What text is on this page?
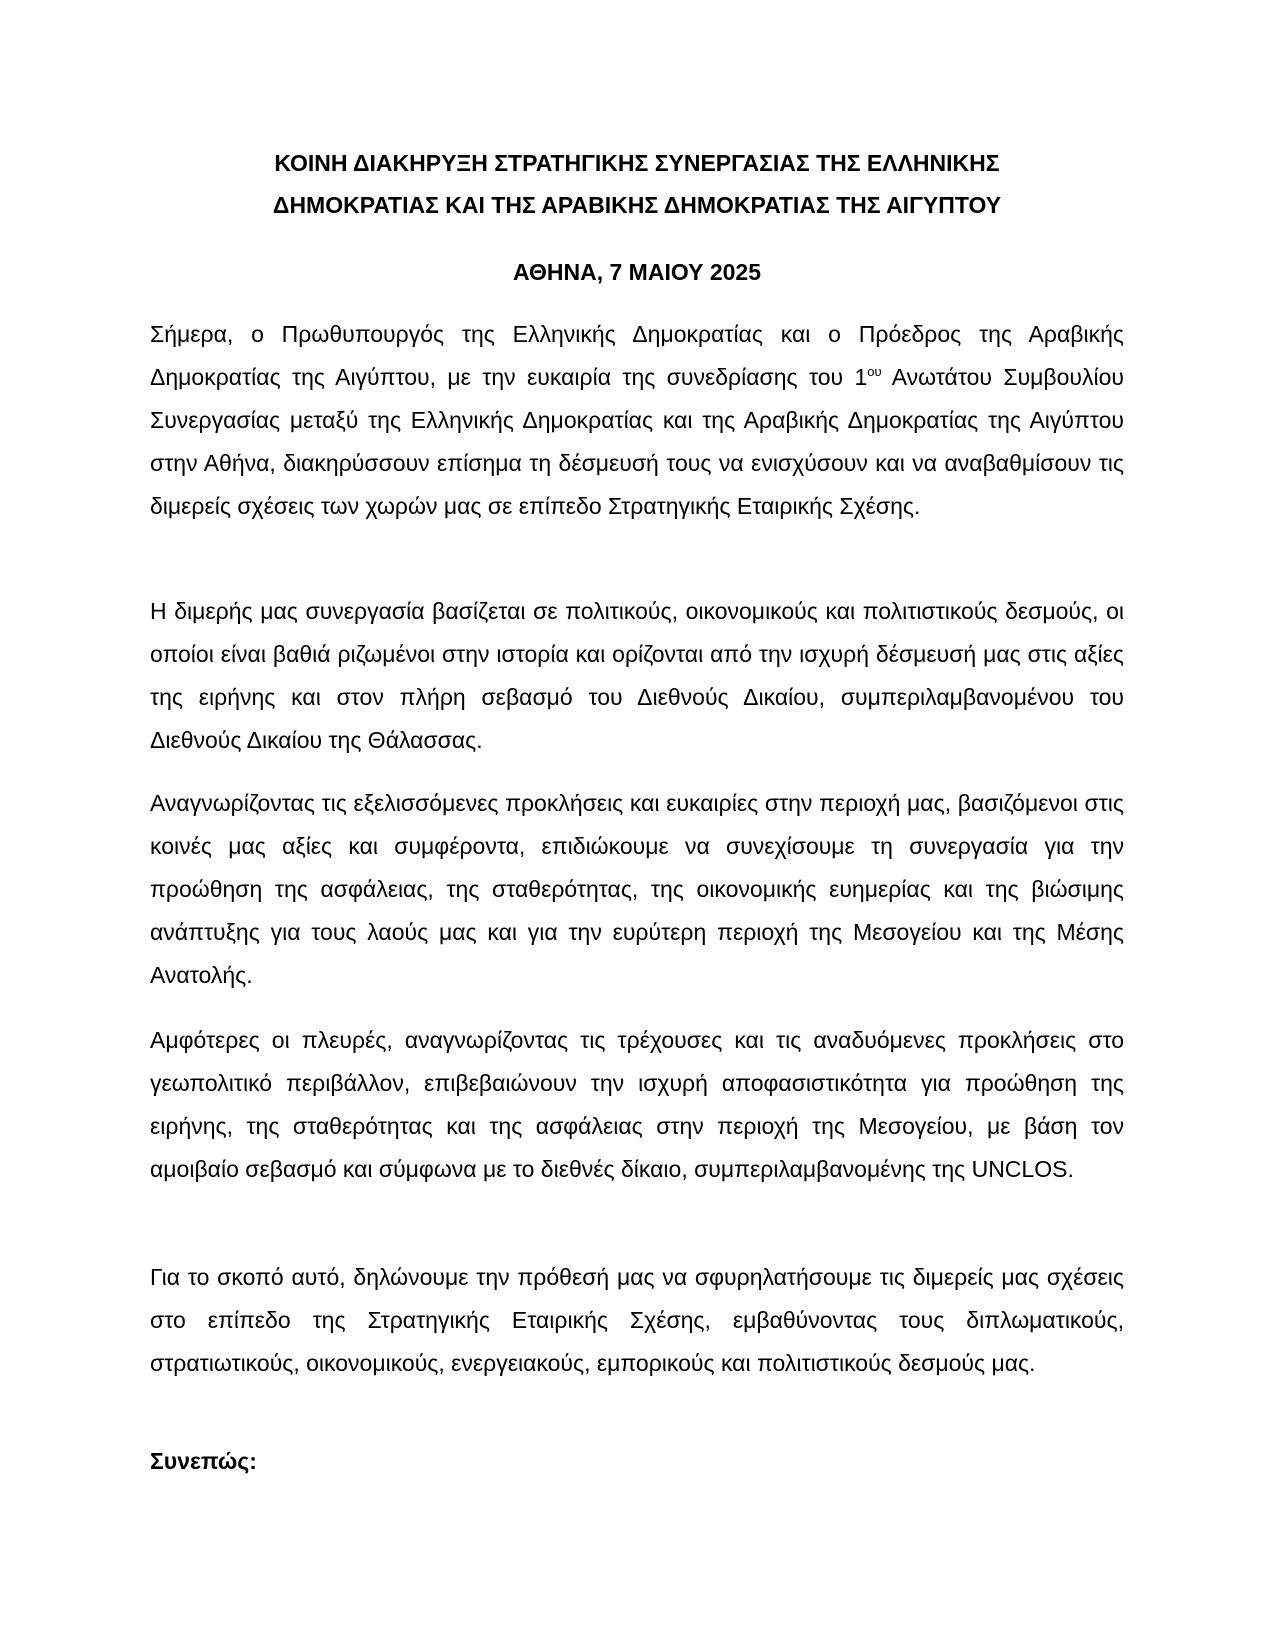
ΚΟΙΝΗ ΔΙΑΚΗΡΥΞΗ ΣΤΡΑΤΗΓΙΚΗΣ ΣΥΝΕΡΓΑΣΙΑΣ ΤΗΣ ΕΛΛΗΝΙΚΗΣ
ΔΗΜΟΚΡΑΤΙΑΣ ΚΑΙ ΤΗΣ ΑΡΑΒΙΚΗΣ ΔΗΜΟΚΡΑΤΙΑΣ ΤΗΣ ΑΙΓΥΠΤΟΥ
ΑΘΗΝΑ, 7 ΜΑΙΟΥ 2025

Σήμερα, ο Πρωθυπουργός της Ελληνικής Δημοκρατίας και ο Πρόεδρος της Αραβικής Δημοκρατίας της Αιγύπτου, με την ευκαιρία της συνεδρίασης του $1^{o\upsilon}$ Ανωτάτου Συμβουλίου Συνεργασίας μεταξύ της Ελληνικής Δημοκρατίας και της Αραβικής Δημοκρατίας της Αιγύπτου στην Αθήνα, διακηρύσσουν επίσημα τη δέσμευσή τους να ενισχύσουν και να αναβαθμίσουν τις διμερείς σχέσεις των χωρών μας σε επίπεδο Στρατηγικής Εταιρικής Σχέσης.

Η διμερής μας συνεργασία βασίζεται σε πολιτικούς, οικονομικούς και πολιτιστικούς δεσμούς, οι οποίοι είναι βαθιά ριζωμένοι στην ιστορία και ορίζονται από την ισχυρή δέσμευσή μας στις αξίες της ειρήνης και στον πλήρη σεβασμό του Διεθνούς Δικαίου, συμπεριλαμβανομένου του Διεθνούς Δικαίου της Θάλασσας.

Αναγνωρίζοντας τις εξελισσόμενες προκλήσεις και ευκαιρίες στην περιοχή μας, βασιζόμενοι στις κοινές μας αξίες και συμφέροντα, επιδιώκουμε να συνεχίσουμε τη συνεργασία για την προώθηση της ασφάλειας, της σταθερότητας, της οικονομικής ευημερίας και της βιώσιμης ανάπτυξης για τους λαούς μας και για την ευρύτερη περιοχή της Μεσογείου και της Μέσης Ανατολής.

Αμφότερες οι πλευρές, αναγνωρίζοντας τις τρέχουσες και τις αναδυόμενες προκλήσεις στο γεωπολιτικό περιβάλλον, επιβεβαιώνουν την ισχυρή αποφασιστικότητα για προώθηση της ειρήνης, της σταθερότητας και της ασφάλειας στην περιοχή της Μεσογείου, με βάση τον αμοιβαίο σεβασμό και σύμφωνα με το διεθνές δίκαιο, συμπεριλαμβανομένης της UNCLOS.

Για το σκοπό αυτό, δηλώνουμε την πρόθεσή μας να σφυρηλατήσουμε τις διμερείς μας σχέσεις στο επίπεδο της Στρατηγικής Εταιρικής Σχέσης, εμβαθύνοντας τους διπλωματικούς, στρατιωτικούς, οικονομικούς, ενεργειακούς, εμπορικούς και πολιτιστικούς δεσμούς μας.

Συνεπώς:
